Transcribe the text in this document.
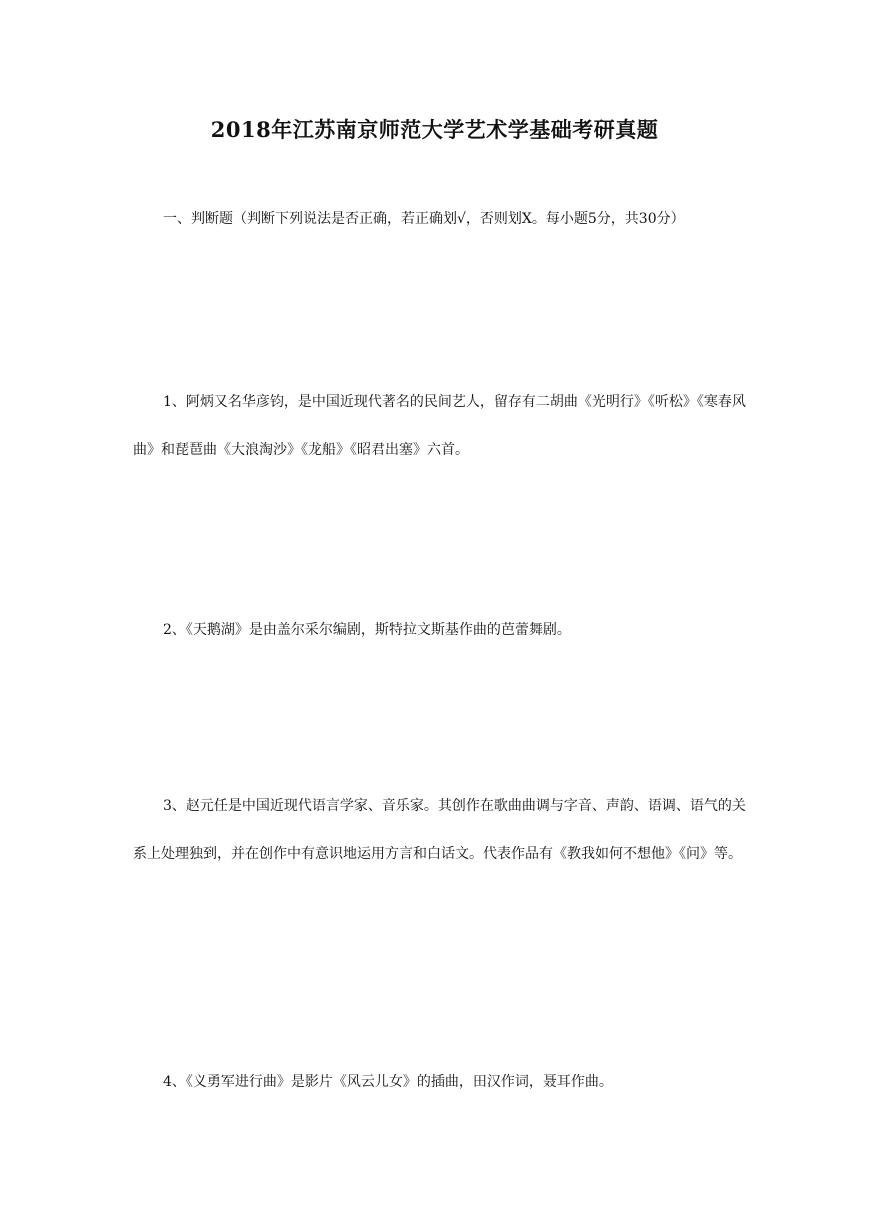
2018年江苏南京师范大学艺术学基础考研真题

一、判断题（判断下列说法是否正确，若正确划√，否则划X。每小题5分，共30分）

1、阿炳又名华彦钧，是中国近现代著名的民间艺人，留存有二胡曲《光明行》《听松》《寒春风曲》和琵琶曲《大浪淘沙》《龙船》《昭君出塞》六首。

2、《天鹅湖》是由盖尔采尔编剧，斯特拉文斯基作曲的芭蕾舞剧。

3、赵元任是中国近现代语言学家、音乐家。其创作在歌曲曲调与字音、声韵、语调、语气的关系上处理独到，并在创作中有意识地运用方言和白话文。代表作品有《教我如何不想他》《问》等。

4、《义勇军进行曲》是影片《风云儿女》的插曲，田汉作词，聂耳作曲。
